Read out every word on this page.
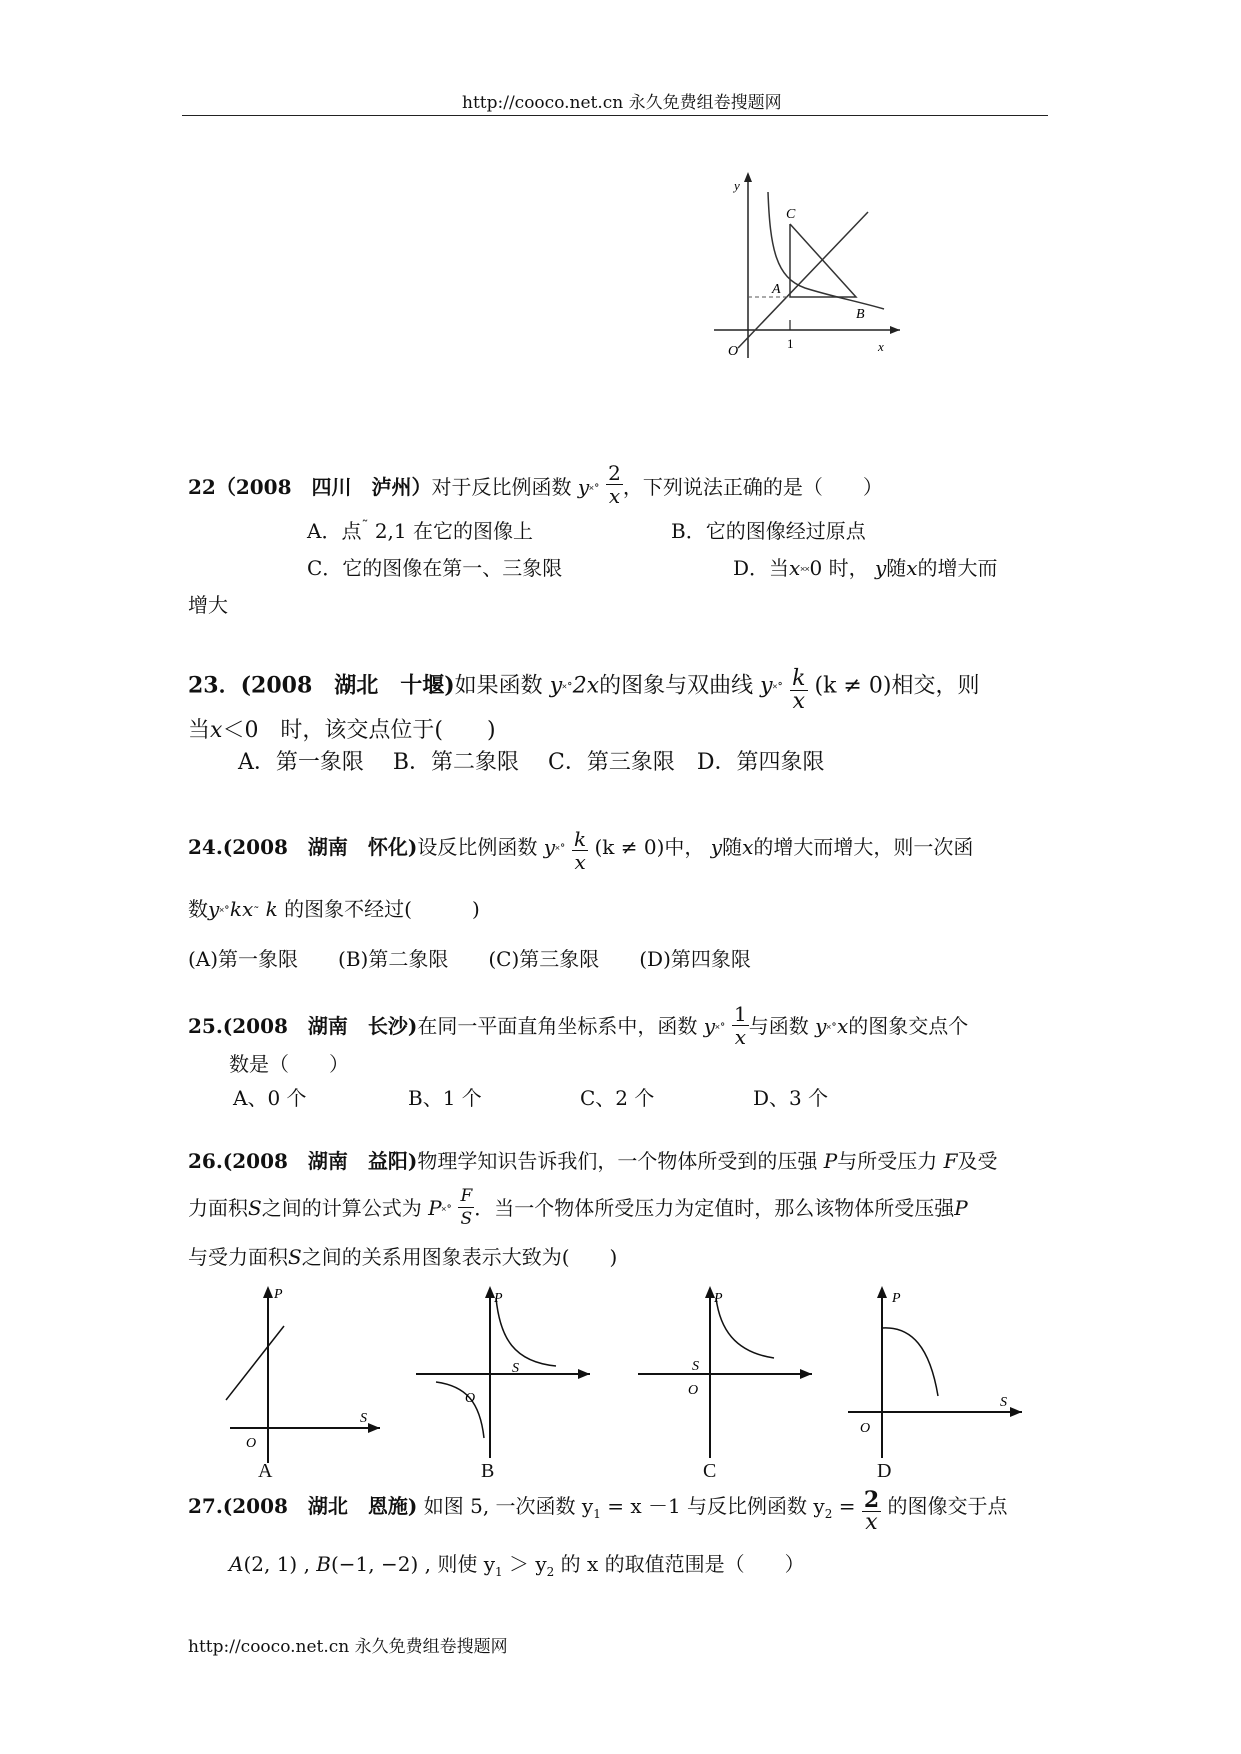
http://cooco.net.cn 永久免费组卷搜题网
y
x
O
1
A
B
C
22（2008　四川　泸州）对于反比例函数 y˟˚ $\frac{2}{x}$ ，下列说法正确的是（　　）
A．点˜ 2,1 在它的图像上	B．它的图像经过原点
C．它的图像在第一、三象限	D．当x˟˟0 时， y随x的增大而
增大
23．(2008　湖北　十堰)如果函数 y˟˚2x的图象与双曲线 y˟˚ $\frac{k}{x} (k \ne 0)$相交，则
当x＜0　时，该交点位于(　　)
A．第一象限　 B．第二象限　 C．第三象限　D．第四象限
24.(2008　湖南　怀化)设反比例函数 y˟˚ $\frac{k}{x} (k \ne 0)$中， y随x的增大而增大，则一次函
数y˟˚kx˜ k 的图象不经过(　　　)
(A)第一象限　　(B)第二象限　　(C)第三象限　　(D)第四象限
25.(2008　湖南　长沙)在同一平面直角坐标系中，函数 y˟˚ $\frac{1}{x}$ 与函数 y˟˚x的图象交点个
数是（　　）
A、0 个	B、1 个	C、2 个	D、3 个
26.(2008　湖南　益阳)物理学知识告诉我们，一个物体所受到的压强 P与所受压力 F及受
力面积S之间的计算公式为 P˟˚ $\frac{F}{S}$ ．当一个物体所受压力为定值时，那么该物体所受压强P
与受力面积S之间的关系用图象表示大致为(　　)
P
S
O
P
S
O
P
S
O
P
S
O
A	B	C	D
27.(2008　湖北　恩施) 如图 5, 一次函数 $y_1 = x -1$ 与反比例函数 $y_2 = \frac{2}{x}$ 的图像交于点
A(2, 1) , B(−1, −2) , 则使 $y_1 > y_2$ 的 x 的取值范围是（　　）
http://cooco.net.cn 永久免费组卷搜题网
